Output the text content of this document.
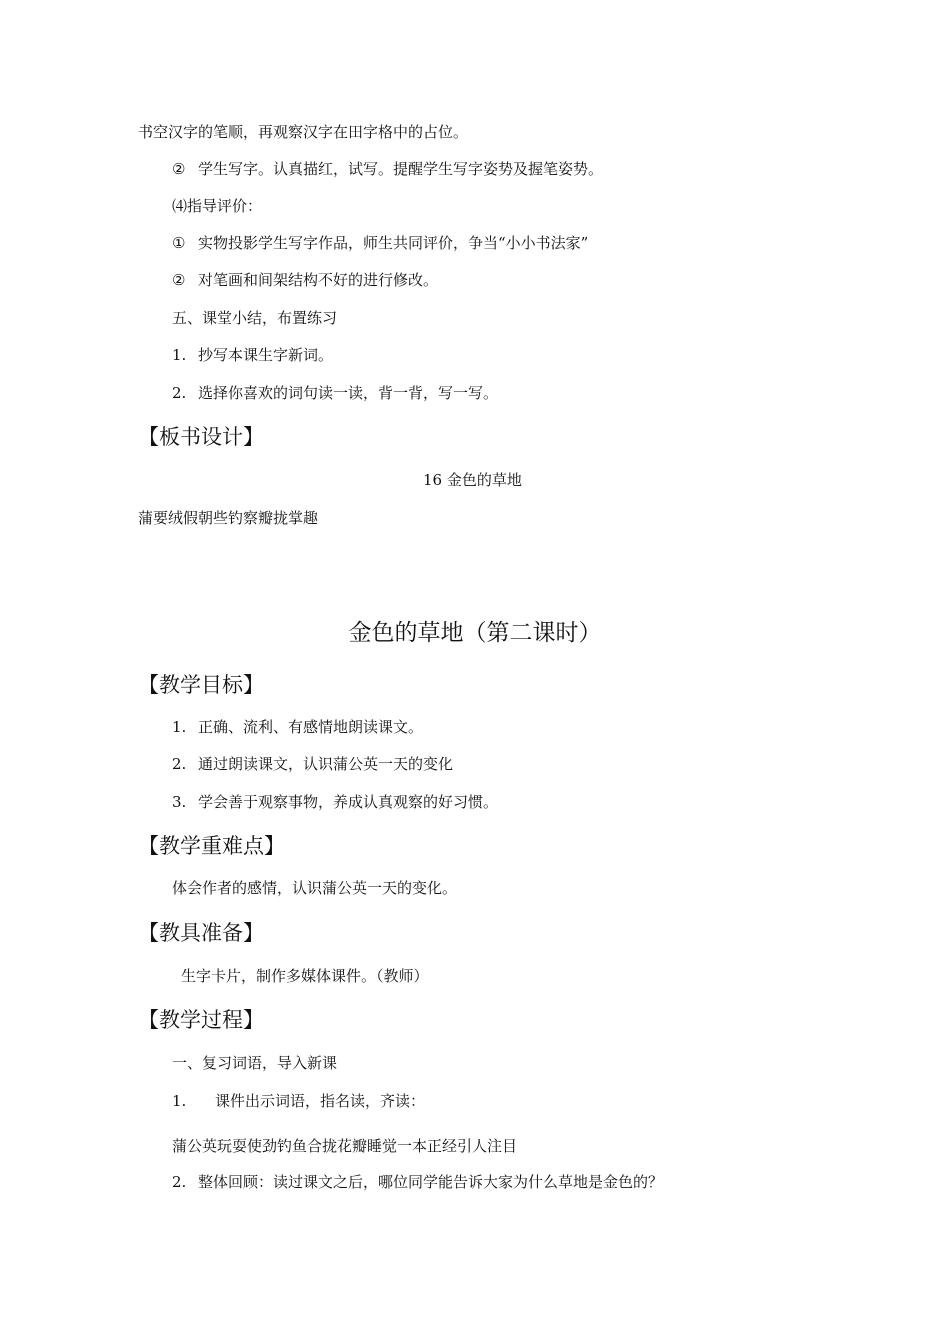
书空汉字的笔顺，再观察汉字在田字格中的占位。
② 学生写字。认真描红，试写。提醒学生写字姿势及握笔姿势。
⑷指导评价：
① 实物投影学生写字作品，师生共同评价，争当“小小书法家”
② 对笔画和间架结构不好的进行修改。
五、课堂小结，布置练习
1. 抄写本课生字新词。
2. 选择你喜欢的词句读一读，背一背，写一写。
【板书设计】
16 金色的草地
蒲要绒假朝些钓察瓣拢掌趣
金色的草地（第二课时）
【教学目标】
1. 正确、流利、有感情地朗读课文。
2. 通过朗读课文，认识蒲公英一天的变化
3. 学会善于观察事物，养成认真观察的好习惯。
【教学重难点】
体会作者的感情，认识蒲公英一天的变化。
【教具准备】
生字卡片，制作多媒体课件。（教师）
【教学过程】
一、复习词语，导入新课
1. 课件出示词语，指名读，齐读：
蒲公英玩耍使劲钓鱼合拢花瓣睡觉一本正经引人注目
2. 整体回顾：读过课文之后，哪位同学能告诉大家为什么草地是金色的？
